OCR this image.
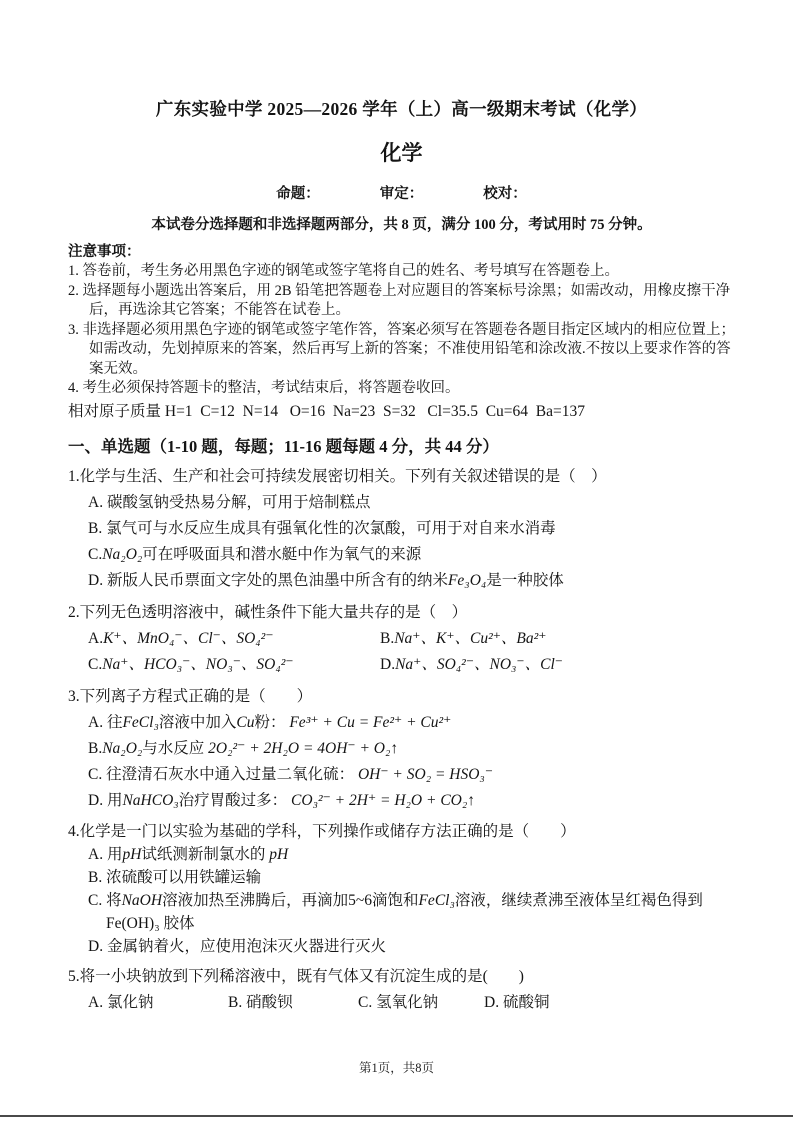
广东实验中学 2025—2026 学年（上）高一级期末考试（化学）
化学
命题：	审定：	校对：
本试卷分选择题和非选择题两部分，共 8 页，满分 100 分，考试用时 75 分钟。
注意事项：
1. 答卷前，考生务必用黑色字迹的钢笔或签字笔将自己的姓名、考号填写在答题卷上。
2. 选择题每小题选出答案后，用 2B 铅笔把答题卷上对应题目的答案标号涂黑；如需改动，用橡皮擦干净后，再选涂其它答案；不能答在试卷上。
3. 非选择题必须用黑色字迹的钢笔或签字笔作答，答案必须写在答题卷各题目指定区域内的相应位置上；如需改动，先划掉原来的答案，然后再写上新的答案；不准使用铅笔和涂改液.不按以上要求作答的答案无效。
4. 考生必须保持答题卡的整洁，考试结束后，将答题卷收回。
相对原子质量 H=1  C=12  N=14   O=16  Na=23  S=32   Cl=35.5  Cu=64  Ba=137
一、单选题（1-10 题，每题；11-16 题每题 4 分，共 44 分）
1.化学与生活、生产和社会可持续发展密切相关。下列有关叙述错误的是（　）
A. 碳酸氢钠受热易分解，可用于焙制糕点
B. 氯气可与水反应生成具有强氧化性的次氯酸，可用于对自来水消毒
C.Na₂O₂可在呼吸面具和潜水艇中作为氧气的来源
D. 新版人民币票面文字处的黑色油墨中所含有的纳米Fe₃O₄是一种胶体
2.下列无色透明溶液中，碱性条件下能大量共存的是（　）
A.K⁺、MnO₄⁻、Cl⁻、SO₄²⁻	B.Na⁺、K⁺、Cu²⁺、Ba²⁺
C.Na⁺、HCO₃⁻、NO₃⁻、SO₄²⁻	D.Na⁺、SO₄²⁻、NO₃⁻、Cl⁻
3.下列离子方程式正确的是（　　）
A. 往FeCl₃溶液中加入Cu粉： Fe³⁺ + Cu = Fe²⁺ + Cu²⁺
B.Na₂O₂与水反应 2O₂²⁻ + 2H₂O = 4OH⁻ + O₂↑
C. 往澄清石灰水中通入过量二氧化硫： OH⁻ + SO₂ = HSO₃⁻
D. 用NaHCO₃治疗胃酸过多： CO₃²⁻ + 2H⁺ = H₂O + CO₂↑
4.化学是一门以实验为基础的学科，下列操作或储存方法正确的是（　　）
A. 用pH试纸测新制氯水的 pH
B. 浓硫酸可以用铁罐运输
C. 将NaOH溶液加热至沸腾后，再滴加5~6滴饱和FeCl₃溶液，继续煮沸至液体呈红褐色得到 Fe(OH)₃ 胶体
D. 金属钠着火，应使用泡沫灭火器进行灭火
5.将一小块钠放到下列稀溶液中，既有气体又有沉淀生成的是(　　)
A. 氯化钠	B. 硝酸钡	C. 氢氧化钠	D. 硫酸铜
第1页，共8页
